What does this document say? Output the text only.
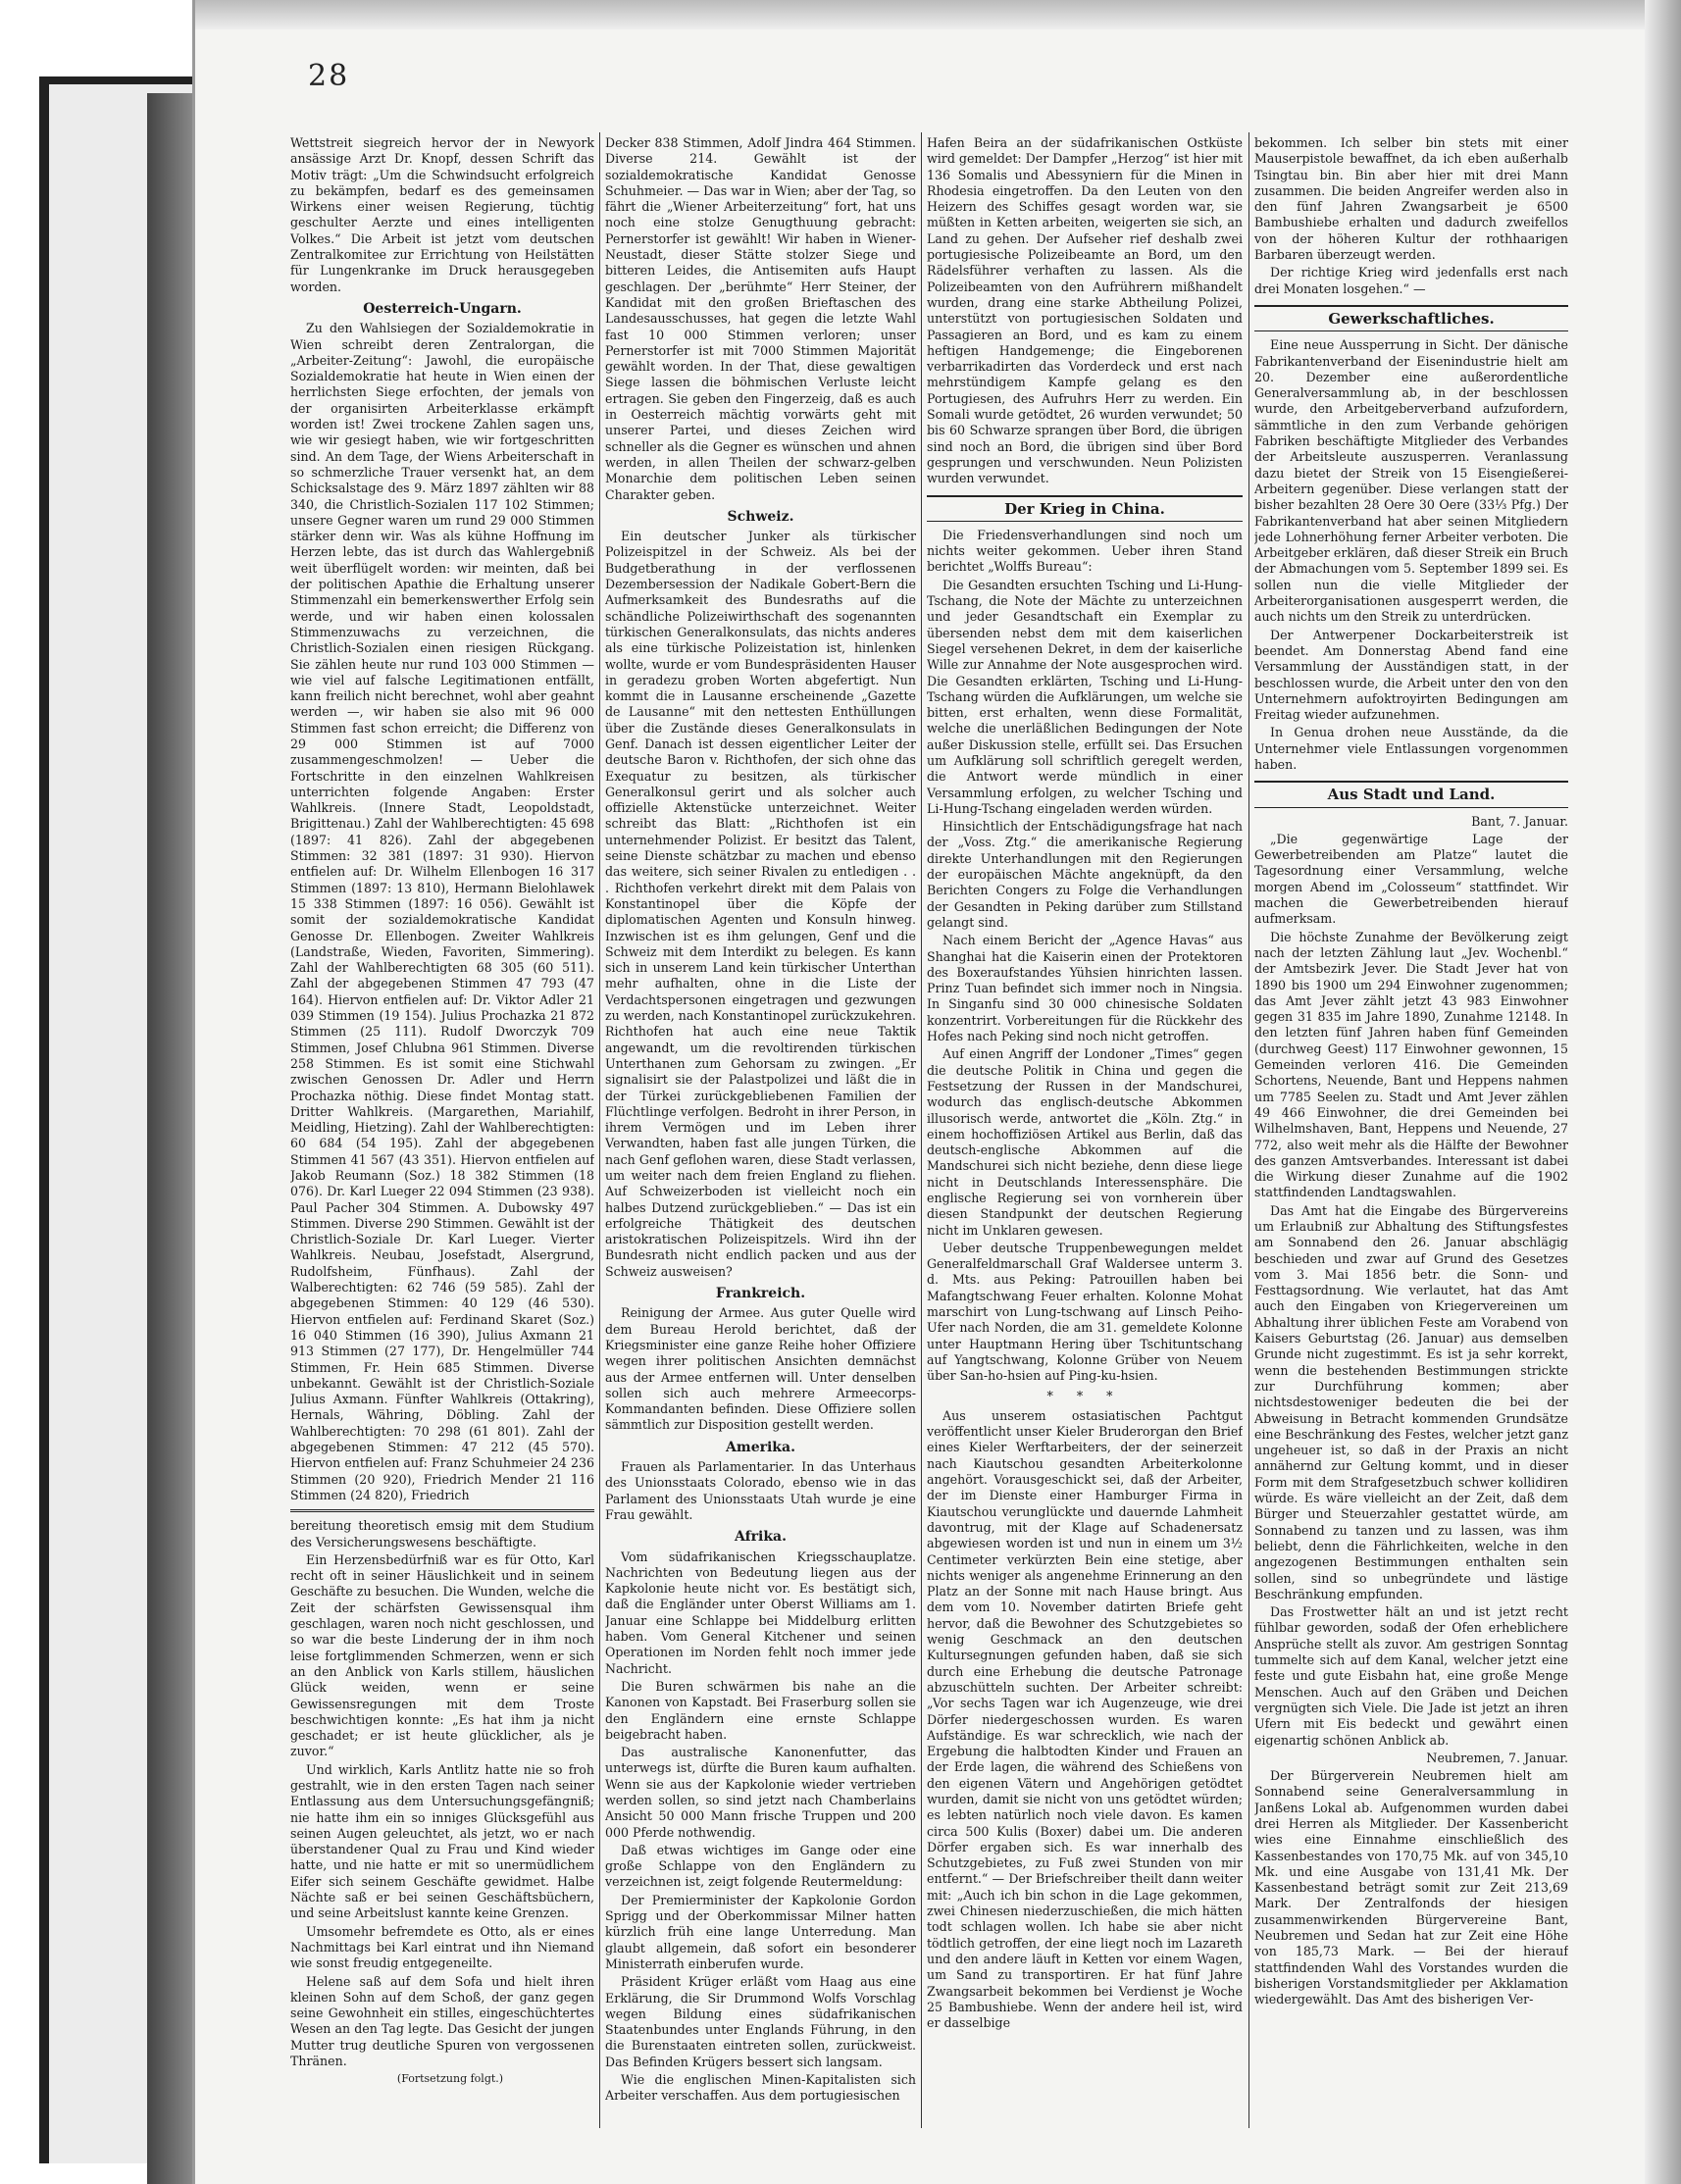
28

Wettstreit siegreich hervor der in Newyork ansässige Arzt Dr. Knopf, dessen Schrift das Motiv trägt: „Um die Schwindsucht erfolgreich zu bekämpfen, bedarf es des gemeinsamen Wirkens einer weisen Regierung, tüchtig geschulter Aerzte und eines intelligenten Volkes.“ Die Arbeit ist jetzt vom deutschen Zentralkomitee zur Errichtung von Heilstätten für Lungenkranke im Druck herausgegeben worden.

Oesterreich-Ungarn.

Zu den Wahlsiegen der Sozialdemokratie in Wien schreibt deren Zentralorgan, die „Arbeiter-Zeitung“: Jawohl, die europäische Sozialdemokratie hat heute in Wien einen der herrlichsten Siege erfochten, der jemals von der organisirten Arbeiterklasse erkämpft worden ist! Zwei trockene Zahlen sagen uns, wie wir gesiegt haben, wie wir fortgeschritten sind. An dem Tage, der Wiens Arbeiterschaft in so schmerzliche Trauer versenkt hat, an dem Schicksalstage des 9. März 1897 zählten wir 88 340, die Christlich-Sozialen 117 102 Stimmen; unsere Gegner waren um rund 29 000 Stimmen stärker denn wir. Was als kühne Hoffnung im Herzen lebte, das ist durch das Wahlergebniß weit überflügelt worden: wir meinten, daß bei der politischen Apathie die Erhaltung unserer Stimmenzahl ein bemerkenswerther Erfolg sein werde, und wir haben einen kolossalen Stimmenzuwachs zu verzeichnen, die Christlich-Sozialen einen riesigen Rückgang. Sie zählen heute nur rund 103 000 Stimmen — wie viel auf falsche Legitimationen entfällt, kann freilich nicht berechnet, wohl aber geahnt werden —, wir haben sie also mit 96 000 Stimmen fast schon erreicht; die Differenz von 29 000 Stimmen ist auf 7000 zusammengeschmolzen! — Ueber die Fortschritte in den einzelnen Wahlkreisen unterrichten folgende Angaben: Erster Wahlkreis. (Innere Stadt, Leopoldstadt, Brigittenau.) Zahl der Wahlberechtigten: 45 698 (1897: 41 826). Zahl der abgegebenen Stimmen: 32 381 (1897: 31 930). Hiervon entfielen auf: Dr. Wilhelm Ellenbogen 16 317 Stimmen (1897: 13 810), Hermann Bielohlawek 15 338 Stimmen (1897: 16 056). Gewählt ist somit der sozialdemokratische Kandidat Genosse Dr. Ellenbogen. Zweiter Wahlkreis (Landstraße, Wieden, Favoriten, Simmering). Zahl der Wahlberechtigten 68 305 (60 511). Zahl der abgegebenen Stimmen 47 793 (47 164). Hiervon entfielen auf: Dr. Viktor Adler 21 039 Stimmen (19 154). Julius Prochazka 21 872 Stimmen (25 111). Rudolf Dworczyk 709 Stimmen, Josef Chlubna 961 Stimmen. Diverse 258 Stimmen. Es ist somit eine Stichwahl zwischen Genossen Dr. Adler und Herrn Prochazka nöthig. Diese findet Montag statt. Dritter Wahlkreis. (Margarethen, Mariahilf, Meidling, Hietzing). Zahl der Wahlberechtigten: 60 684 (54 195). Zahl der abgegebenen Stimmen 41 567 (43 351). Hiervon entfielen auf Jakob Reumann (Soz.) 18 382 Stimmen (18 076). Dr. Karl Lueger 22 094 Stimmen (23 938). Paul Pacher 304 Stimmen. A. Dubowsky 497 Stimmen. Diverse 290 Stimmen. Gewählt ist der Christlich-Soziale Dr. Karl Lueger. Vierter Wahlkreis. Neubau, Josefstadt, Alsergrund, Rudolfsheim, Fünfhaus). Zahl der Walberechtigten: 62 746 (59 585). Zahl der abgegebenen Stimmen: 40 129 (46 530). Hiervon entfielen auf: Ferdinand Skaret (Soz.) 16 040 Stimmen (16 390), Julius Axmann 21 913 Stimmen (27 177), Dr. Hengelmüller 744 Stimmen, Fr. Hein 685 Stimmen. Diverse unbekannt. Gewählt ist der Christlich-Soziale Julius Axmann. Fünfter Wahlkreis (Ottakring), Hernals, Währing, Döbling. Zahl der Wahlberechtigten: 70 298 (61 801). Zahl der abgegebenen Stimmen: 47 212 (45 570). Hiervon entfielen auf: Franz Schuhmeier 24 236 Stimmen (20 920), Friedrich Mender 21 116 Stimmen (24 820), Friedrich

bereitung theoretisch emsig mit dem Studium des Versicherungswesens beschäftigte.

Ein Herzensbedürfniß war es für Otto, Karl recht oft in seiner Häuslichkeit und in seinem Geschäfte zu besuchen. Die Wunden, welche die Zeit der schärfsten Gewissensqual ihm geschlagen, waren noch nicht geschlossen, und so war die beste Linderung der in ihm noch leise fortglimmenden Schmerzen, wenn er sich an den Anblick von Karls stillem, häuslichen Glück weiden, wenn er seine Gewissensregungen mit dem Troste beschwichtigen konnte: „Es hat ihm ja nicht geschadet; er ist heute glücklicher, als je zuvor.“

Und wirklich, Karls Antlitz hatte nie so froh gestrahlt, wie in den ersten Tagen nach seiner Entlassung aus dem Untersuchungsgefängniß; nie hatte ihm ein so inniges Glücksgefühl aus seinen Augen geleuchtet, als jetzt, wo er nach überstandener Qual zu Frau und Kind wieder hatte, und nie hatte er mit so unermüdlichem Eifer sich seinem Geschäfte gewidmet. Halbe Nächte saß er bei seinen Geschäftsbüchern, und seine Arbeitslust kannte keine Grenzen.

Umsomehr befremdete es Otto, als er eines Nachmittags bei Karl eintrat und ihn Niemand wie sonst freudig entgegeneilte.

Helene saß auf dem Sofa und hielt ihren kleinen Sohn auf dem Schoß, der ganz gegen seine Gewohnheit ein stilles, eingeschüchtertes Wesen an den Tag legte. Das Gesicht der jungen Mutter trug deutliche Spuren von vergossenen Thränen.

(Fortsetzung folgt.)

Decker 838 Stimmen, Adolf Jindra 464 Stimmen. Diverse 214. Gewählt ist der sozialdemokratische Kandidat Genosse Schuhmeier. — Das war in Wien; aber der Tag, so fährt die „Wiener Arbeiterzeitung“ fort, hat uns noch eine stolze Genugthuung gebracht: Pernerstorfer ist gewählt! Wir haben in Wiener-Neustadt, dieser Stätte stolzer Siege und bitteren Leides, die Antisemiten aufs Haupt geschlagen. Der „berühmte“ Herr Steiner, der Kandidat mit den großen Brieftaschen des Landesausschusses, hat gegen die letzte Wahl fast 10 000 Stimmen verloren; unser Pernerstorfer ist mit 7000 Stimmen Majorität gewählt worden. In der That, diese gewaltigen Siege lassen die böhmischen Verluste leicht ertragen. Sie geben den Fingerzeig, daß es auch in Oesterreich mächtig vorwärts geht mit unserer Partei, und dieses Zeichen wird schneller als die Gegner es wünschen und ahnen werden, in allen Theilen der schwarz-gelben Monarchie dem politischen Leben seinen Charakter geben.

Schweiz.

Ein deutscher Junker als türkischer Polizeispitzel in der Schweiz. Als bei der Budgetberathung in der verflossenen Dezembersession der Nadikale Gobert-Bern die Aufmerksamkeit des Bundesraths auf die schändliche Polizeiwirthschaft des sogenannten türkischen Generalkonsulats, das nichts anderes als eine türkische Polizeistation ist, hinlenken wollte, wurde er vom Bundespräsidenten Hauser in geradezu groben Worten abgefertigt. Nun kommt die in Lausanne erscheinende „Gazette de Lausanne“ mit den nettesten Enthüllungen über die Zustände dieses Generalkonsulats in Genf. Danach ist dessen eigentlicher Leiter der deutsche Baron v. Richthofen, der sich ohne das Exequatur zu besitzen, als türkischer Generalkonsul gerirt und als solcher auch offizielle Aktenstücke unterzeichnet. Weiter schreibt das Blatt: „Richthofen ist ein unternehmender Polizist. Er besitzt das Talent, seine Dienste schätzbar zu machen und ebenso das weitere, sich seiner Rivalen zu entledigen . . . Richthofen verkehrt direkt mit dem Palais von Konstantinopel über die Köpfe der diplomatischen Agenten und Konsuln hinweg. Inzwischen ist es ihm gelungen, Genf und die Schweiz mit dem Interdikt zu belegen. Es kann sich in unserem Land kein türkischer Unterthan mehr aufhalten, ohne in die Liste der Verdachtspersonen eingetragen und gezwungen zu werden, nach Konstantinopel zurückzukehren. Richthofen hat auch eine neue Taktik angewandt, um die revoltirenden türkischen Unterthanen zum Gehorsam zu zwingen. „Er signalisirt sie der Palastpolizei und läßt die in der Türkei zurückgebliebenen Familien der Flüchtlinge verfolgen. Bedroht in ihrer Person, in ihrem Vermögen und im Leben ihrer Verwandten, haben fast alle jungen Türken, die nach Genf geflohen waren, diese Stadt verlassen, um weiter nach dem freien England zu fliehen. Auf Schweizerboden ist vielleicht noch ein halbes Dutzend zurückgeblieben.“ — Das ist ein erfolgreiche Thätigkeit des deutschen aristokratischen Polizeispitzels. Wird ihn der Bundesrath nicht endlich packen und aus der Schweiz ausweisen?

Frankreich.

Reinigung der Armee. Aus guter Quelle wird dem Bureau Herold berichtet, daß der Kriegsminister eine ganze Reihe hoher Offiziere wegen ihrer politischen Ansichten demnächst aus der Armee entfernen will. Unter denselben sollen sich auch mehrere Armeecorps-Kommandanten befinden. Diese Offiziere sollen sämmtlich zur Disposition gestellt werden.

Amerika.

Frauen als Parlamentarier. In das Unterhaus des Unionsstaats Colorado, ebenso wie in das Parlament des Unionsstaats Utah wurde je eine Frau gewählt.

Afrika.

Vom südafrikanischen Kriegsschauplatze. Nachrichten von Bedeutung liegen aus der Kapkolonie heute nicht vor. Es bestätigt sich, daß die Engländer unter Oberst Williams am 1. Januar eine Schlappe bei Middelburg erlitten haben. Vom General Kitchener und seinen Operationen im Norden fehlt noch immer jede Nachricht.

Die Buren schwärmen bis nahe an die Kanonen von Kapstadt. Bei Fraserburg sollen sie den Engländern eine ernste Schlappe beigebracht haben.

Das australische Kanonenfutter, das unterwegs ist, dürfte die Buren kaum aufhalten. Wenn sie aus der Kapkolonie wieder vertrieben werden sollen, so sind jetzt nach Chamberlains Ansicht 50 000 Mann frische Truppen und 200 000 Pferde nothwendig.

Daß etwas wichtiges im Gange oder eine große Schlappe von den Engländern zu verzeichnen ist, zeigt folgende Reutermeldung:

Der Premierminister der Kapkolonie Gordon Sprigg und der Oberkommissar Milner hatten kürzlich früh eine lange Unterredung. Man glaubt allgemein, daß sofort ein besonderer Ministerrath einberufen wurde.

Präsident Krüger erläßt vom Haag aus eine Erklärung, die Sir Drummond Wolfs Vorschlag wegen Bildung eines südafrikanischen Staatenbundes unter Englands Führung, in den die Burenstaaten eintreten sollen, zurückweist. Das Befinden Krügers bessert sich langsam.

Wie die englischen Minen-Kapitalisten sich Arbeiter verschaffen. Aus dem portugiesischen

Hafen Beira an der südafrikanischen Ostküste wird gemeldet: Der Dampfer „Herzog“ ist hier mit 136 Somalis und Abessyniern für die Minen in Rhodesia eingetroffen. Da den Leuten von den Heizern des Schiffes gesagt worden war, sie müßten in Ketten arbeiten, weigerten sie sich, an Land zu gehen. Der Aufseher rief deshalb zwei portugiesische Polizeibeamte an Bord, um den Rädelsführer verhaften zu lassen. Als die Polizeibeamten von den Aufrührern mißhandelt wurden, drang eine starke Abtheilung Polizei, unterstützt von portugiesischen Soldaten und Passagieren an Bord, und es kam zu einem heftigen Handgemenge; die Eingeborenen verbarrikadirten das Vorderdeck und erst nach mehrstündigem Kampfe gelang es den Portugiesen, des Aufruhrs Herr zu werden. Ein Somali wurde getödtet, 26 wurden verwundet; 50 bis 60 Schwarze sprangen über Bord, die übrigen sind noch an Bord, die übrigen sind über Bord gesprungen und verschwunden. Neun Polizisten wurden verwundet.

Der Krieg in China.

Die Friedensverhandlungen sind noch um nichts weiter gekommen. Ueber ihren Stand berichtet „Wolffs Bureau“:

Die Gesandten ersuchten Tsching und Li-Hung-Tschang, die Note der Mächte zu unterzeichnen und jeder Gesandtschaft ein Exemplar zu übersenden nebst dem mit dem kaiserlichen Siegel versehenen Dekret, in dem der kaiserliche Wille zur Annahme der Note ausgesprochen wird. Die Gesandten erklärten, Tsching und Li-Hung-Tschang würden die Aufklärungen, um welche sie bitten, erst erhalten, wenn diese Formalität, welche die unerläßlichen Bedingungen der Note außer Diskussion stelle, erfüllt sei. Das Ersuchen um Aufklärung soll schriftlich geregelt werden, die Antwort werde mündlich in einer Versammlung erfolgen, zu welcher Tsching und Li-Hung-Tschang eingeladen werden würden.

Hinsichtlich der Entschädigungsfrage hat nach der „Voss. Ztg.“ die amerikanische Regierung direkte Unterhandlungen mit den Regierungen der europäischen Mächte angeknüpft, da den Berichten Congers zu Folge die Verhandlungen der Gesandten in Peking darüber zum Stillstand gelangt sind.

Nach einem Bericht der „Agence Havas“ aus Shanghai hat die Kaiserin einen der Protektoren des Boxeraufstandes Yühsien hinrichten lassen. Prinz Tuan befindet sich immer noch in Ningsia. In Singanfu sind 30 000 chinesische Soldaten konzentrirt. Vorbereitungen für die Rückkehr des Hofes nach Peking sind noch nicht getroffen.

Auf einen Angriff der Londoner „Times“ gegen die deutsche Politik in China und gegen die Festsetzung der Russen in der Mandschurei, wodurch das englisch-deutsche Abkommen illusorisch werde, antwortet die „Köln. Ztg.“ in einem hochoffiziösen Artikel aus Berlin, daß das deutsch-englische Abkommen auf die Mandschurei sich nicht beziehe, denn diese liege nicht in Deutschlands Interessensphäre. Die englische Regierung sei von vornherein über diesen Standpunkt der deutschen Regierung nicht im Unklaren gewesen.

Ueber deutsche Truppenbewegungen meldet Generalfeldmarschall Graf Waldersee unterm 3. d. Mts. aus Peking: Patrouillen haben bei Mafangtschwang Feuer erhalten. Kolonne Mohat marschirt von Lung-tschwang auf Linsch Peiho-Ufer nach Norden, die am 31. gemeldete Kolonne unter Hauptmann Hering über Tschituntschang auf Yangtschwang, Kolonne Grüber von Neuem über San-ho-hsien auf Ping-ku-hsien.

* * *

Aus unserem ostasiatischen Pachtgut veröffentlicht unser Kieler Bruderorgan den Brief eines Kieler Werftarbeiters, der der seinerzeit nach Kiautschou gesandten Arbeiterkolonne angehört. Vorausgeschickt sei, daß der Arbeiter, der im Dienste einer Hamburger Firma in Kiautschou verunglückte und dauernde Lahmheit davontrug, mit der Klage auf Schadenersatz abgewiesen worden ist und nun in einem um 3½ Centimeter verkürzten Bein eine stetige, aber nichts weniger als angenehme Erinnerung an den Platz an der Sonne mit nach Hause bringt. Aus dem vom 10. November datirten Briefe geht hervor, daß die Bewohner des Schutzgebietes so wenig Geschmack an den deutschen Kultursegnungen gefunden haben, daß sie sich durch eine Erhebung die deutsche Patronage abzuschütteln suchten. Der Arbeiter schreibt: „Vor sechs Tagen war ich Augenzeuge, wie drei Dörfer niedergeschossen wurden. Es waren Aufständige. Es war schrecklich, wie nach der Ergebung die halbtodten Kinder und Frauen an der Erde lagen, die während des Schießens von den eigenen Vätern und Angehörigen getödtet wurden, damit sie nicht von uns getödtet würden; es lebten natürlich noch viele davon. Es kamen circa 500 Kulis (Boxer) dabei um. Die anderen Dörfer ergaben sich. Es war innerhalb des Schutzgebietes, zu Fuß zwei Stunden von mir entfernt.“ — Der Briefschreiber theilt dann weiter mit: „Auch ich bin schon in die Lage gekommen, zwei Chinesen niederzuschießen, die mich hätten todt schlagen wollen. Ich habe sie aber nicht tödtlich getroffen, der eine liegt noch im Lazareth und den andere läuft in Ketten vor einem Wagen, um Sand zu transportiren. Er hat fünf Jahre Zwangsarbeit bekommen bei Verdienst je Woche 25 Bambushiebe. Wenn der andere heil ist, wird er dasselbige

bekommen. Ich selber bin stets mit einer Mauserpistole bewaffnet, da ich eben außerhalb Tsingtau bin. Bin aber hier mit drei Mann zusammen. Die beiden Angreifer werden also in den fünf Jahren Zwangsarbeit je 6500 Bambushiebe erhalten und dadurch zweifellos von der höheren Kultur der rothhaarigen Barbaren überzeugt werden.

Der richtige Krieg wird jedenfalls erst nach drei Monaten losgehen.“ —

Gewerkschaftliches.

Eine neue Aussperrung in Sicht. Der dänische Fabrikantenverband der Eisenindustrie hielt am 20. Dezember eine außerordentliche Generalversammlung ab, in der beschlossen wurde, den Arbeitgeberverband aufzufordern, sämmtliche in den zum Verbande gehörigen Fabriken beschäftigte Mitglieder des Verbandes der Arbeitsleute auszusperren. Veranlassung dazu bietet der Streik von 15 Eisengießerei-Arbeitern gegenüber. Diese verlangen statt der bisher bezahlten 28 Oere 30 Oere (33⅓ Pfg.) Der Fabrikantenverband hat aber seinen Mitgliedern jede Lohnerhöhung ferner Arbeiter verboten. Die Arbeitgeber erklären, daß dieser Streik ein Bruch der Abmachungen vom 5. September 1899 sei. Es sollen nun die vielle Mitglieder der Arbeiterorganisationen ausgesperrt werden, die auch nichts um den Streik zu unterdrücken.

Der Antwerpener Dockarbeiterstreik ist beendet. Am Donnerstag Abend fand eine Versammlung der Ausständigen statt, in der beschlossen wurde, die Arbeit unter den von den Unternehmern aufoktroyirten Bedingungen am Freitag wieder aufzunehmen.

In Genua drohen neue Ausstände, da die Unternehmer viele Entlassungen vorgenommen haben.

Aus Stadt und Land.

Bant, 7. Januar.

„Die gegenwärtige Lage der Gewerbetreibenden am Platze“ lautet die Tagesordnung einer Versammlung, welche morgen Abend im „Colosseum“ stattfindet. Wir machen die Gewerbetreibenden hierauf aufmerksam.

Die höchste Zunahme der Bevölkerung zeigt nach der letzten Zählung laut „Jev. Wochenbl.“ der Amtsbezirk Jever. Die Stadt Jever hat von 1890 bis 1900 um 294 Einwohner zugenommen; das Amt Jever zählt jetzt 43 983 Einwohner gegen 31 835 im Jahre 1890, Zunahme 12148. In den letzten fünf Jahren haben fünf Gemeinden (durchweg Geest) 117 Einwohner gewonnen, 15 Gemeinden verloren 416. Die Gemeinden Schortens, Neuende, Bant und Heppens nahmen um 7785 Seelen zu. Stadt und Amt Jever zählen 49 466 Einwohner, die drei Gemeinden bei Wilhelmshaven, Bant, Heppens und Neuende, 27 772, also weit mehr als die Hälfte der Bewohner des ganzen Amtsverbandes. Interessant ist dabei die Wirkung dieser Zunahme auf die 1902 stattfindenden Landtagswahlen.

Das Amt hat die Eingabe des Bürgervereins um Erlaubniß zur Abhaltung des Stiftungsfestes am Sonnabend den 26. Januar abschlägig beschieden und zwar auf Grund des Gesetzes vom 3. Mai 1856 betr. die Sonn- und Festtagsordnung. Wie verlautet, hat das Amt auch den Eingaben von Kriegervereinen um Abhaltung ihrer üblichen Feste am Vorabend von Kaisers Geburtstag (26. Januar) aus demselben Grunde nicht zugestimmt. Es ist ja sehr korrekt, wenn die bestehenden Bestimmungen strickte zur Durchführung kommen; aber nichtsdestoweniger bedeuten die bei der Abweisung in Betracht kommenden Grundsätze eine Beschränkung des Festes, welcher jetzt ganz ungeheuer ist, so daß in der Praxis an nicht annähernd zur Geltung kommt, und in dieser Form mit dem Strafgesetzbuch schwer kollidiren würde. Es wäre vielleicht an der Zeit, daß dem Bürger und Steuerzahler gestattet würde, am Sonnabend zu tanzen und zu lassen, was ihm beliebt, denn die Fährlichkeiten, welche in den angezogenen Bestimmungen enthalten sein sollen, sind so unbegründete und lästige Beschränkung empfunden.

Das Frostwetter hält an und ist jetzt recht fühlbar geworden, sodaß der Ofen erheblichere Ansprüche stellt als zuvor. Am gestrigen Sonntag tummelte sich auf dem Kanal, welcher jetzt eine feste und gute Eisbahn hat, eine große Menge Menschen. Auch auf den Gräben und Deichen vergnügten sich Viele. Die Jade ist jetzt an ihren Ufern mit Eis bedeckt und gewährt einen eigenartig schönen Anblick ab.

Neubremen, 7. Januar.

Der Bürgerverein Neubremen hielt am Sonnabend seine Generalversammlung in Janßens Lokal ab. Aufgenommen wurden dabei drei Herren als Mitglieder. Der Kassenbericht wies eine Einnahme einschließlich des Kassenbestandes von 170,75 Mk. auf von 345,10 Mk. und eine Ausgabe von 131,41 Mk. Der Kassenbestand beträgt somit zur Zeit 213,69 Mark. Der Zentralfonds der hiesigen zusammenwirkenden Bürgervereine Bant, Neubremen und Sedan hat zur Zeit eine Höhe von 185,73 Mark. — Bei der hierauf stattfindenden Wahl des Vorstandes wurden die bisherigen Vorstandsmitglieder per Akklamation wiedergewählt. Das Amt des bisherigen Ver-
